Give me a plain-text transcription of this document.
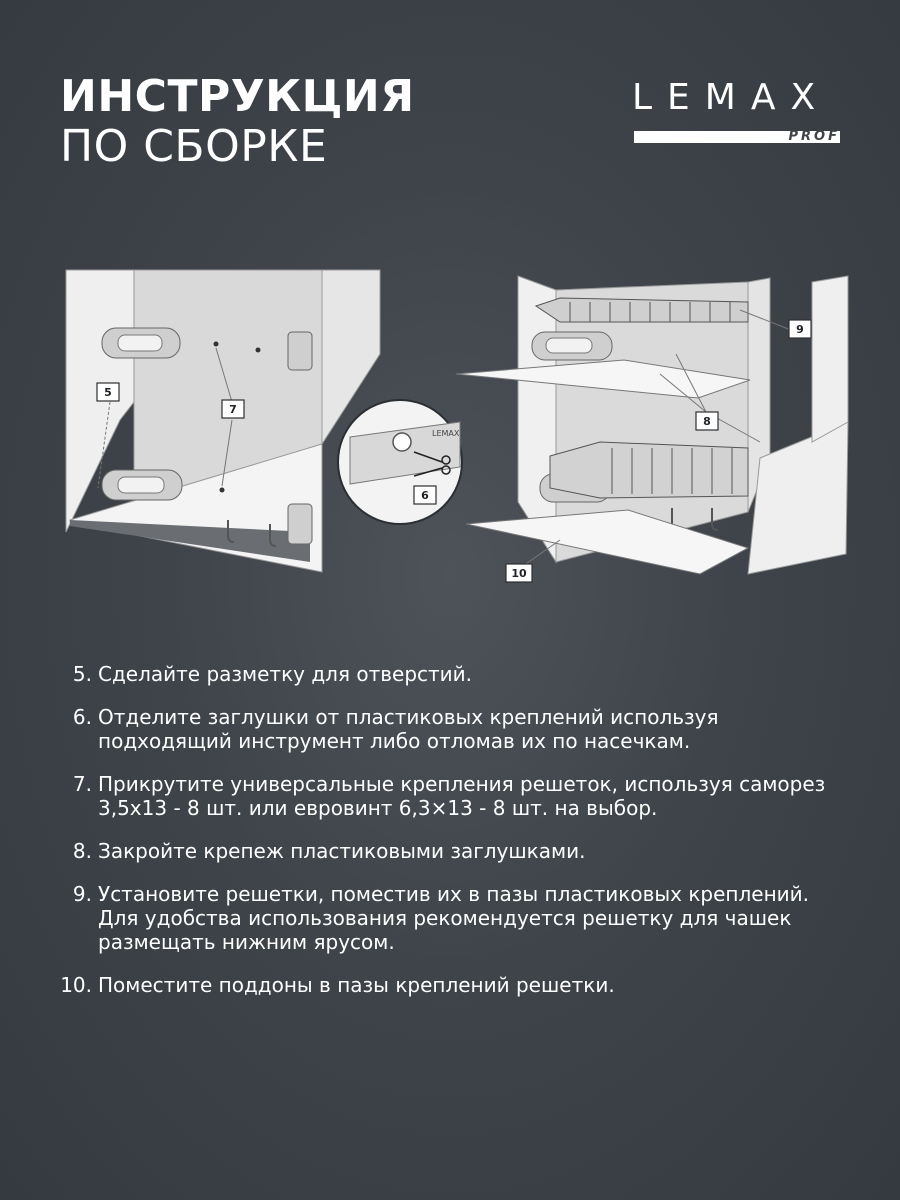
ИНСТРУКЦИЯ
ПО СБОРКЕ
LEMAX
PROF
LEMAX
5
7
6
9
8
10
5. Сделайте разметку для отверстий.
6. Отделите заглушки от пластиковых креплений используя подходящий инструмент либо отломав их по насечкам.
7. Прикрутите универсальные крепления решеток, используя саморез 3,5х13 - 8 шт. или евровинт 6,3×13 - 8 шт. на выбор.
8. Закройте крепеж пластиковыми заглушками.
9. Установите решетки, поместив их в пазы пластиковых креплений. Для удобства использования рекомендуется решетку для чашек размещать нижним ярусом.
10. Поместите поддоны в пазы креплений решетки.
